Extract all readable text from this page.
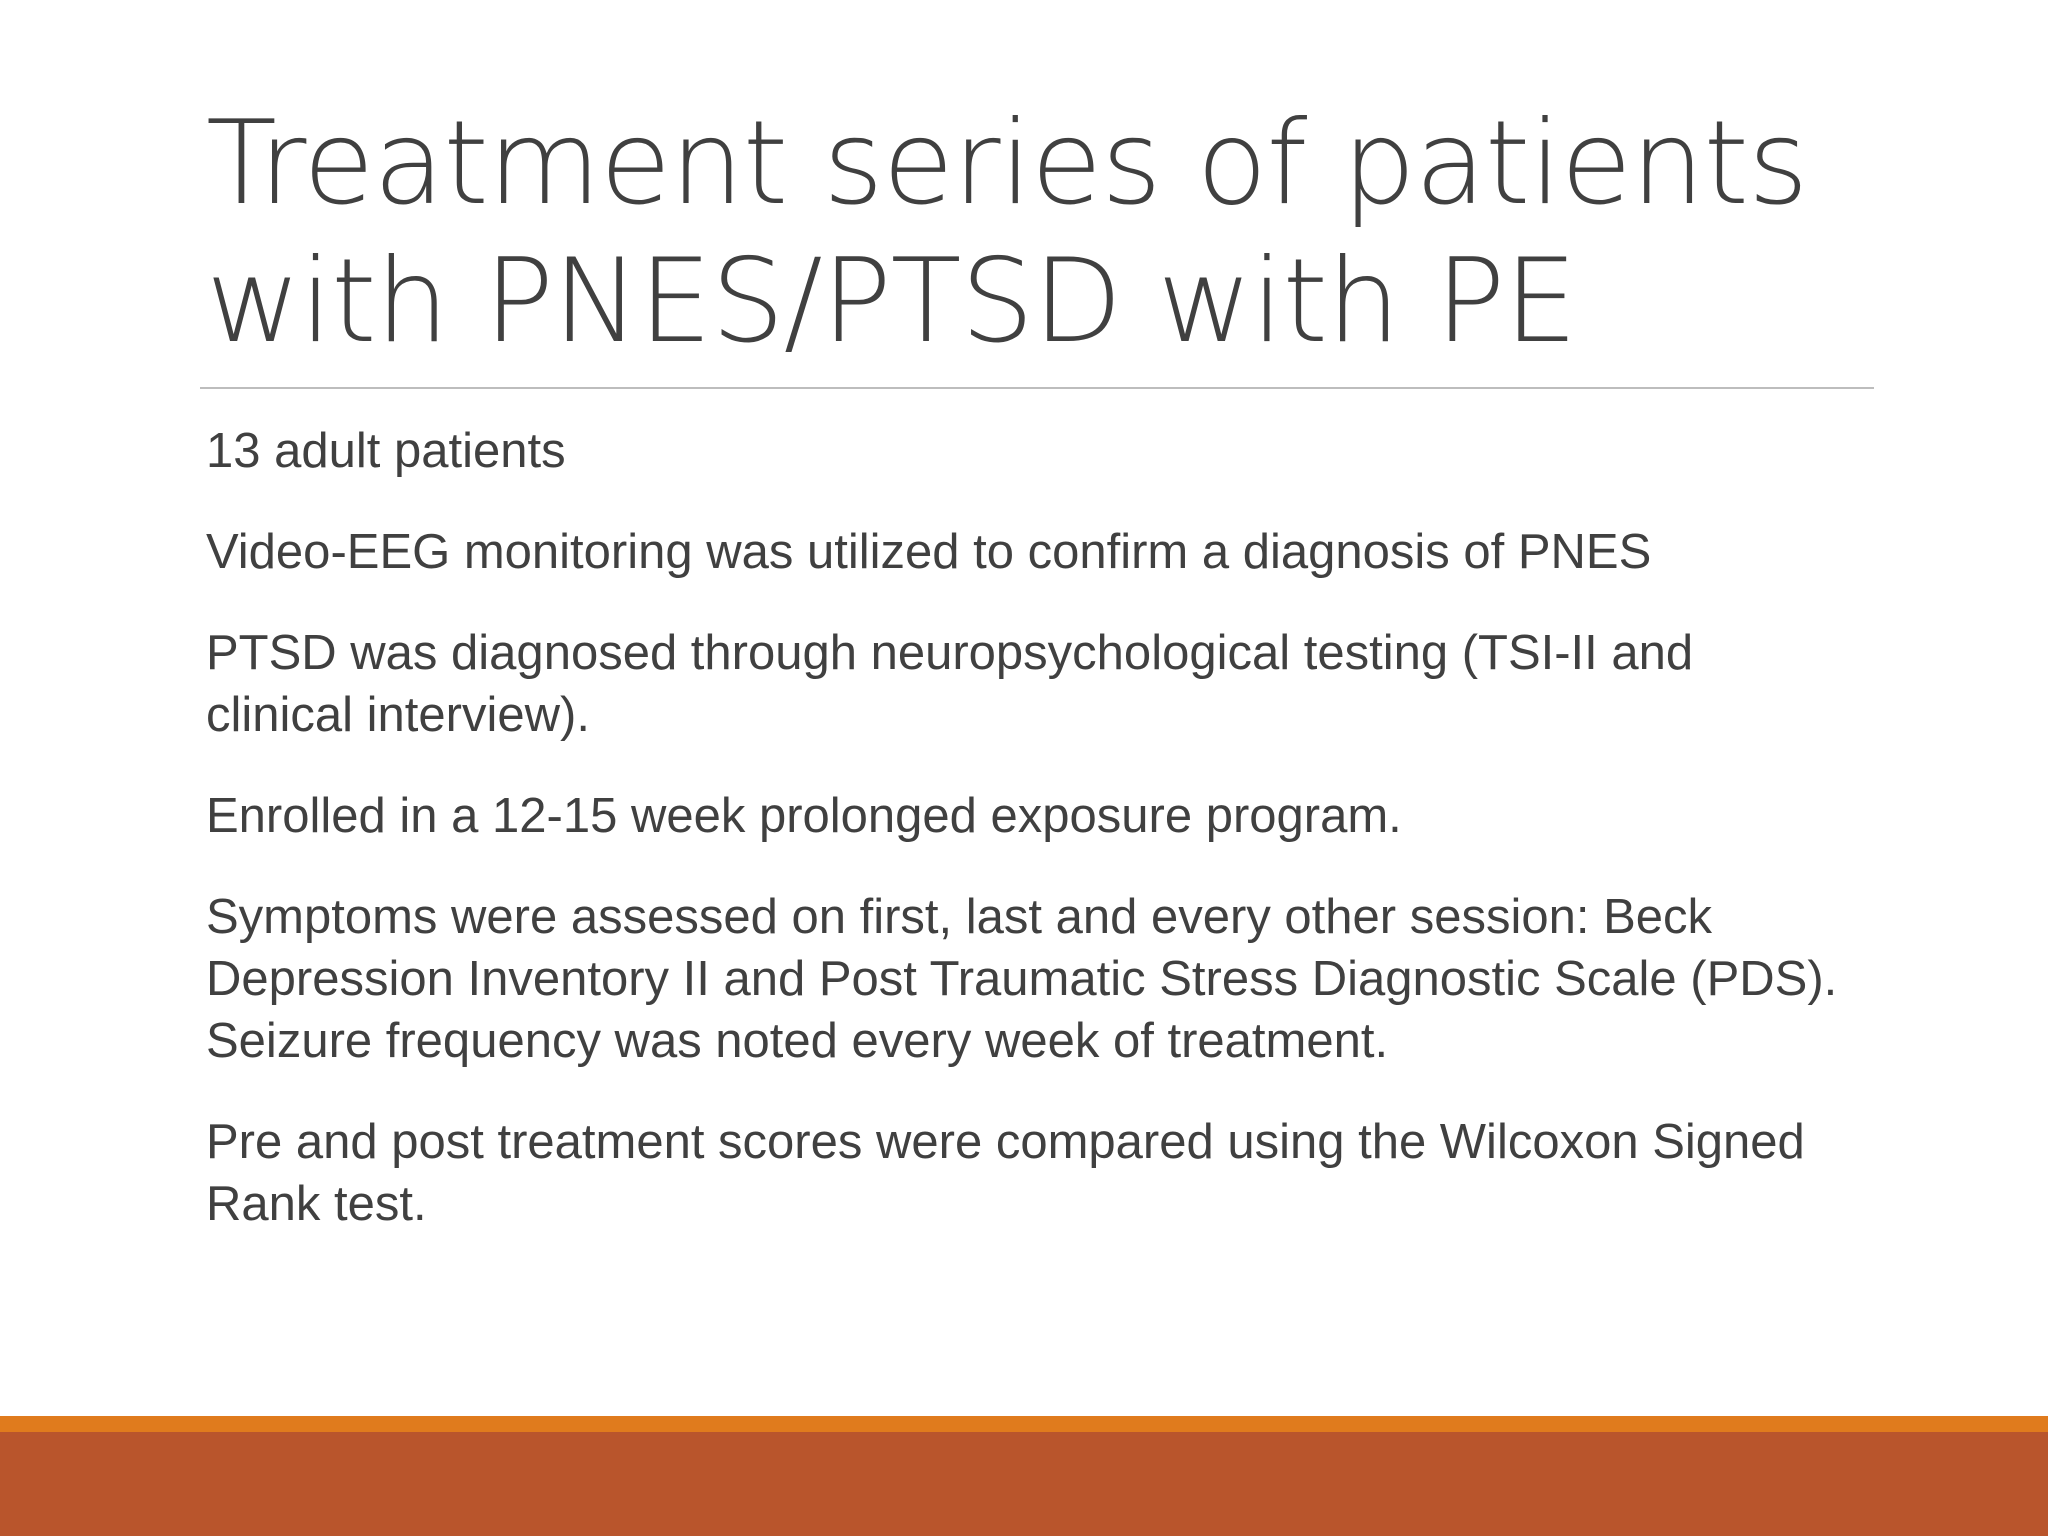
Treatment series of patients with PNES/PTSD with PE

13 adult patients

Video-EEG monitoring was utilized to confirm a diagnosis of PNES

PTSD was diagnosed through neuropsychological testing (TSI-II and clinical interview).

Enrolled in a 12-15 week prolonged exposure program.

Symptoms were assessed on first, last and every other session: Beck Depression Inventory II and Post Traumatic Stress Diagnostic Scale (PDS). Seizure frequency was noted every week of treatment.

Pre and post treatment scores were compared using the Wilcoxon Signed Rank test.
